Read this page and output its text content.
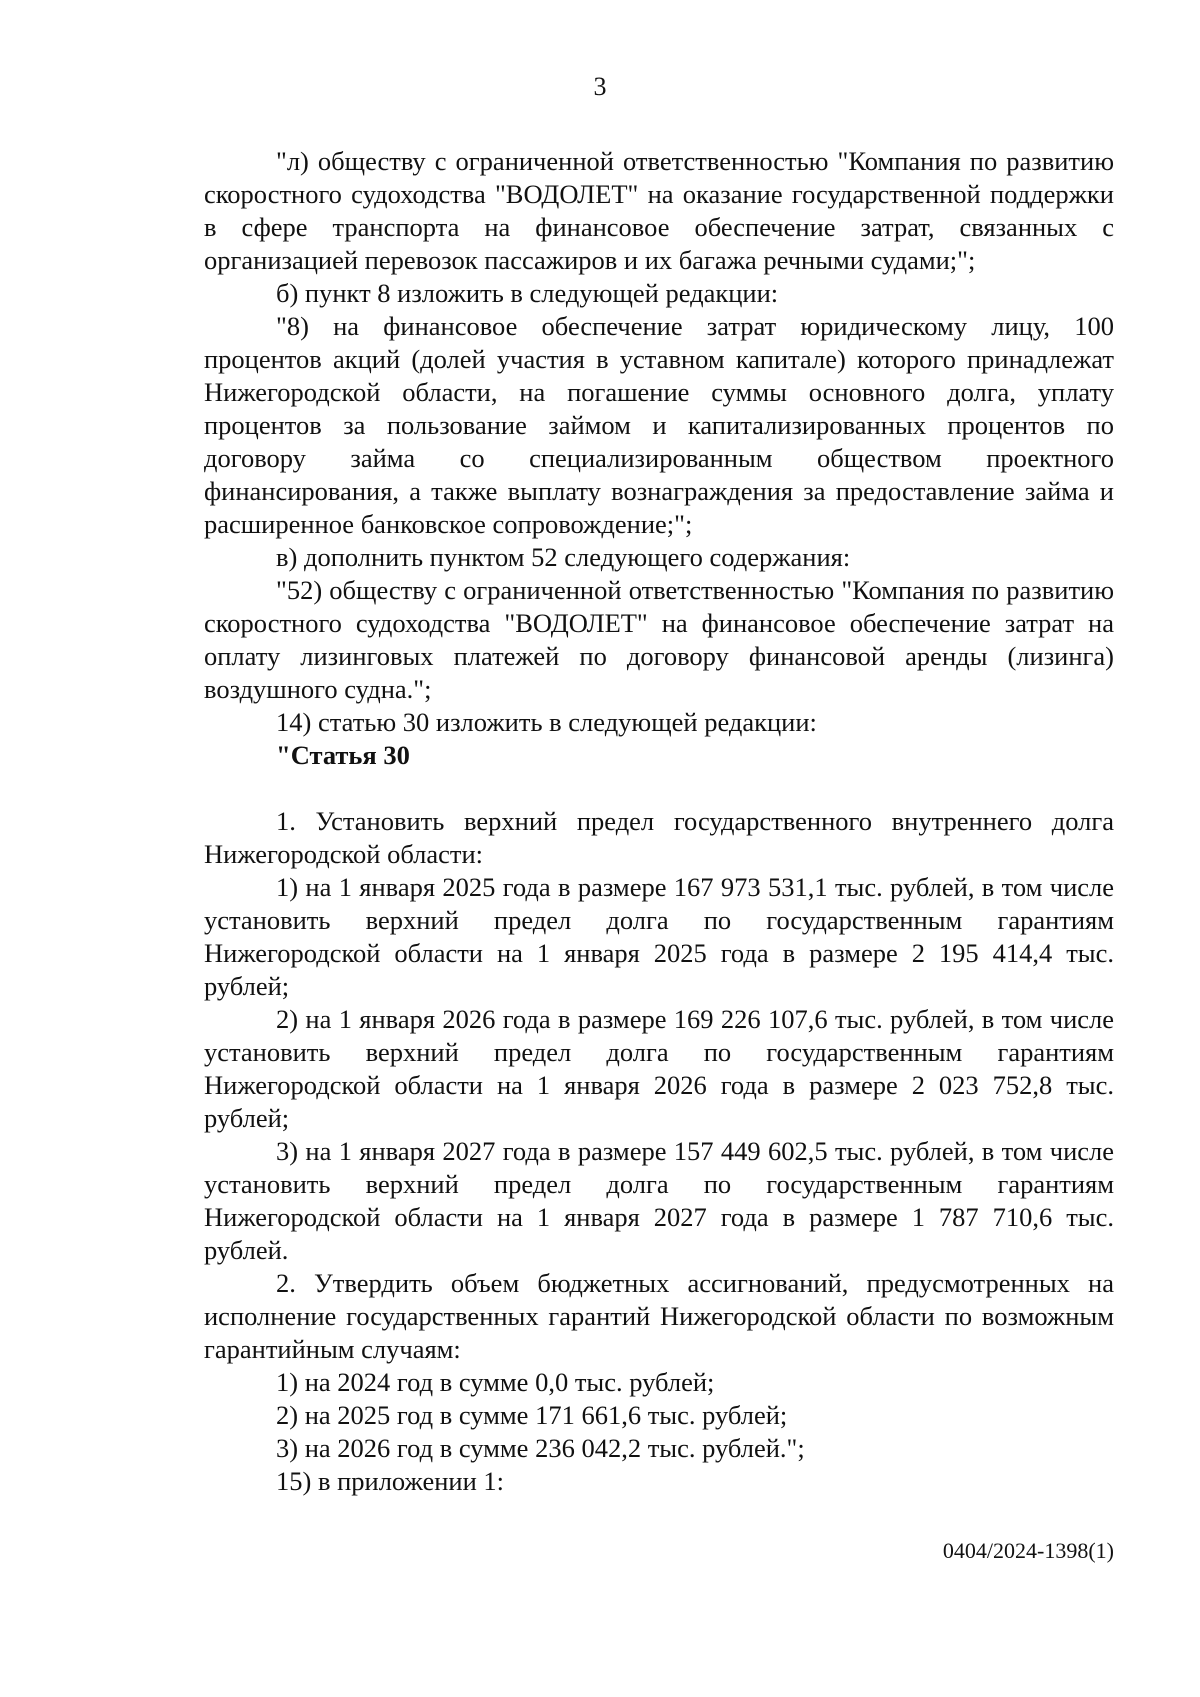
3

"л) обществу с ограниченной ответственностью "Компания по развитию скоростного судоходства "ВОДОЛЕТ" на оказание государственной поддержки в сфере транспорта на финансовое обеспечение затрат, связанных с организацией перевозок пассажиров и их багажа речными судами;";

б) пункт 8 изложить в следующей редакции:

"8) на финансовое обеспечение затрат юридическому лицу, 100 процентов акций (долей участия в уставном капитале) которого принадлежат Нижегородской области, на погашение суммы основного долга, уплату процентов за пользование займом и капитализированных процентов по договору займа со специализированным обществом проектного финансирования, а также выплату вознаграждения за предоставление займа и расширенное банковское сопровождение;";

в) дополнить пунктом 52 следующего содержания:

"52) обществу с ограниченной ответственностью "Компания по развитию скоростного судоходства "ВОДОЛЕТ" на финансовое обеспечение затрат на оплату лизинговых платежей по договору финансовой аренды (лизинга) воздушного судна.";

14) статью 30 изложить в следующей редакции:

"Статья 30

1. Установить верхний предел государственного внутреннего долга Нижегородской области:

1) на 1 января 2025 года в размере 167 973 531,1 тыс. рублей, в том числе установить верхний предел долга по государственным гарантиям Нижегородской области на 1 января 2025 года в размере 2 195 414,4 тыс. рублей;

2) на 1 января 2026 года в размере 169 226 107,6 тыс. рублей, в том числе установить верхний предел долга по государственным гарантиям Нижегородской области на 1 января 2026 года в размере 2 023 752,8 тыс. рублей;

3) на 1 января 2027 года в размере 157 449 602,5 тыс. рублей, в том числе установить верхний предел долга по государственным гарантиям Нижегородской области на 1 января 2027 года в размере 1 787 710,6 тыс. рублей.

2. Утвердить объем бюджетных ассигнований, предусмотренных на исполнение государственных гарантий Нижегородской области по возможным гарантийным случаям:

1) на 2024 год в сумме 0,0 тыс. рублей;

2) на 2025 год в сумме 171 661,6 тыс. рублей;

3) на 2026 год в сумме 236 042,2 тыс. рублей.";

15) в приложении 1:

0404/2024-1398(1)
